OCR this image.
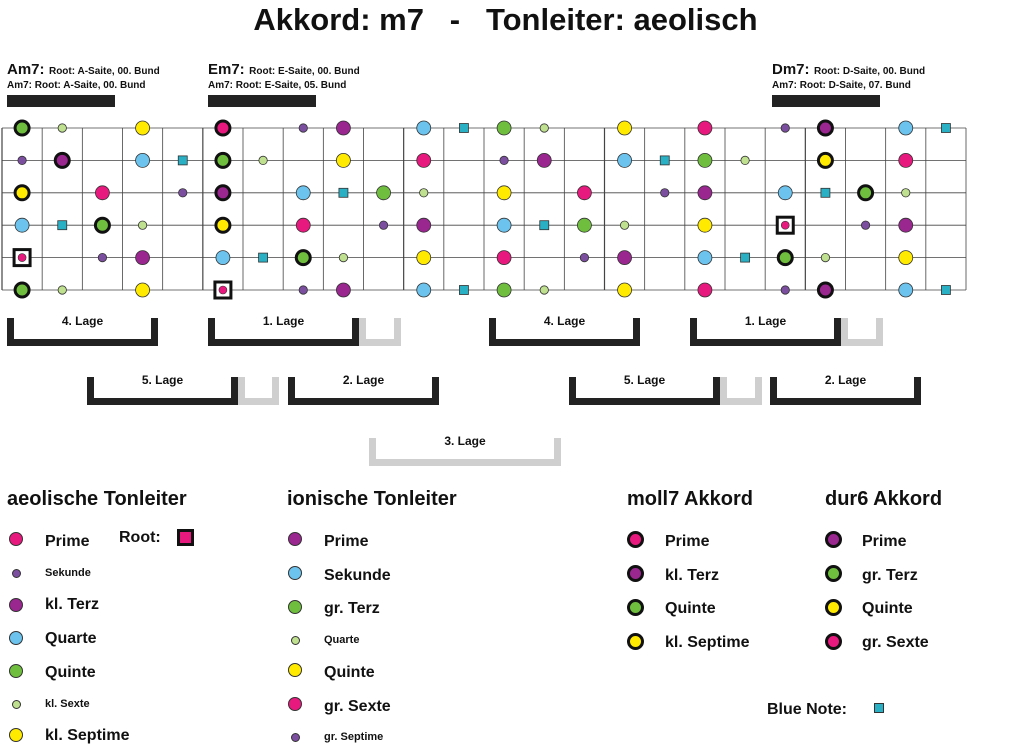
Akkord: m7   -   Tonleiter: aeolisch
Am7: Root: A-Saite, 00. Bund
Am7: Root: A-Saite, 00. Bund
Em7: Root: E-Saite, 00. Bund
Am7: Root: E-Saite, 05. Bund
Dm7: Root: D-Saite, 00. Bund
Am7: Root: D-Saite, 07. Bund
4. Lage	1. Lage	4. Lage	1. Lage
5. Lage	2. Lage	5. Lage	2. Lage
3. Lage
aeolische Tonleiter
Root:
Prime
Sekunde
kl. Terz
Quarte
Quinte
kl. Sexte
kl. Septime
ionische Tonleiter
Prime
Sekunde
gr. Terz
Quarte
Quinte
gr. Sexte
gr. Septime
moll7 Akkord
Prime
kl. Terz
Quinte
kl. Septime
dur6 Akkord
Prime
gr. Terz
Quinte
gr. Sexte
Blue Note:
